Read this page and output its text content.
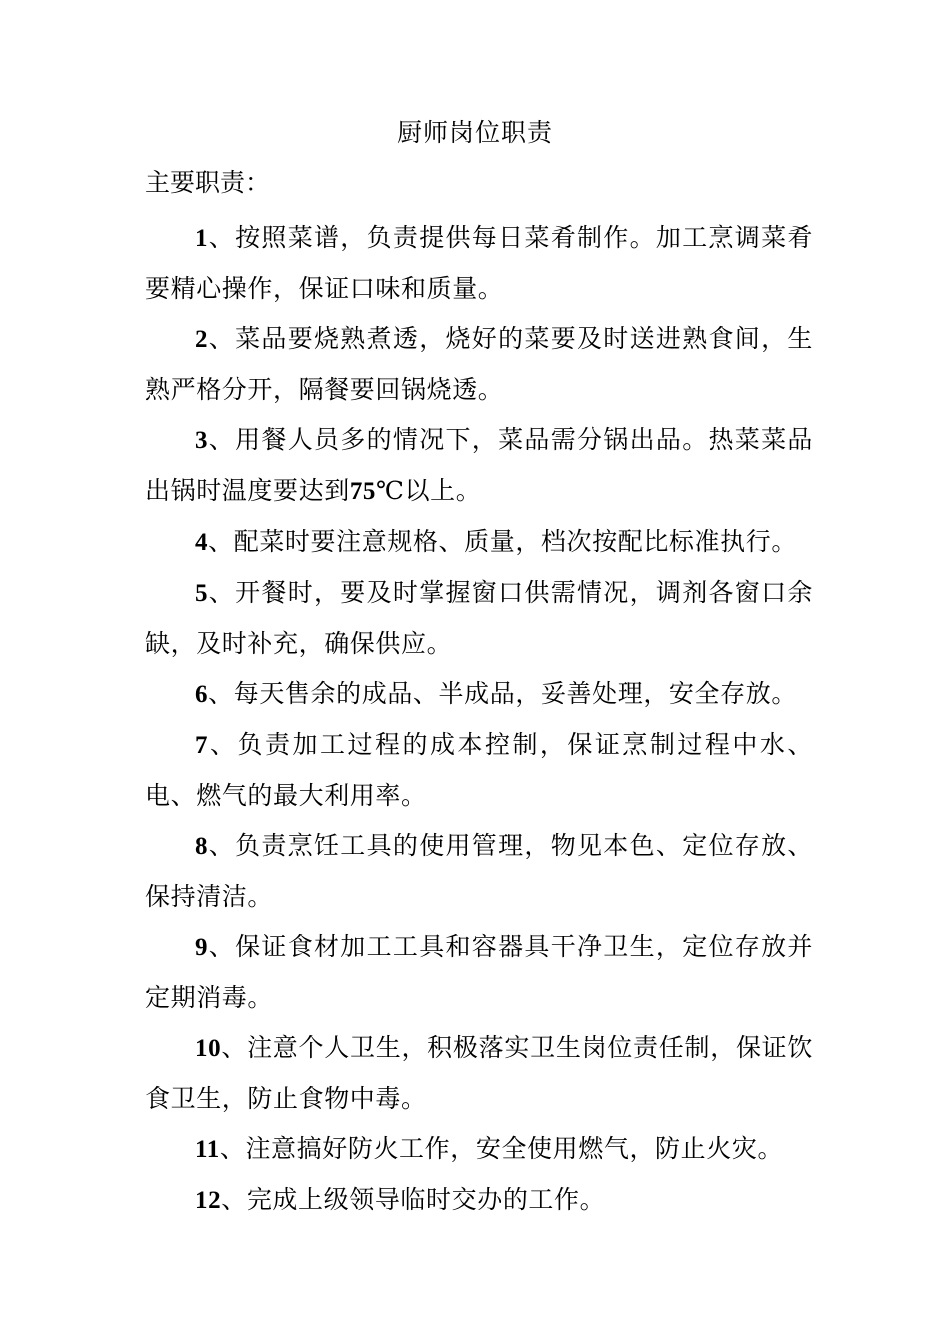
厨师岗位职责
主要职责：

1、按照菜谱，负责提供每日菜肴制作。加工烹调菜肴要精心操作，保证口味和质量。

2、菜品要烧熟煮透，烧好的菜要及时送进熟食间，生熟严格分开，隔餐要回锅烧透。

3、用餐人员多的情况下，菜品需分锅出品。热菜菜品出锅时温度要达到75℃以上。

4、配菜时要注意规格、质量，档次按配比标准执行。

5、开餐时，要及时掌握窗口供需情况，调剂各窗口余缺，及时补充，确保供应。

6、每天售余的成品、半成品，妥善处理，安全存放。

7、负责加工过程的成本控制，保证烹制过程中水、电、燃气的最大利用率。

8、负责烹饪工具的使用管理，物见本色、定位存放、保持清洁。

9、保证食材加工工具和容器具干净卫生，定位存放并定期消毒。

10、注意个人卫生，积极落实卫生岗位责任制，保证饮食卫生，防止食物中毒。

11、注意搞好防火工作，安全使用燃气，防止火灾。

12、完成上级领导临时交办的工作。
